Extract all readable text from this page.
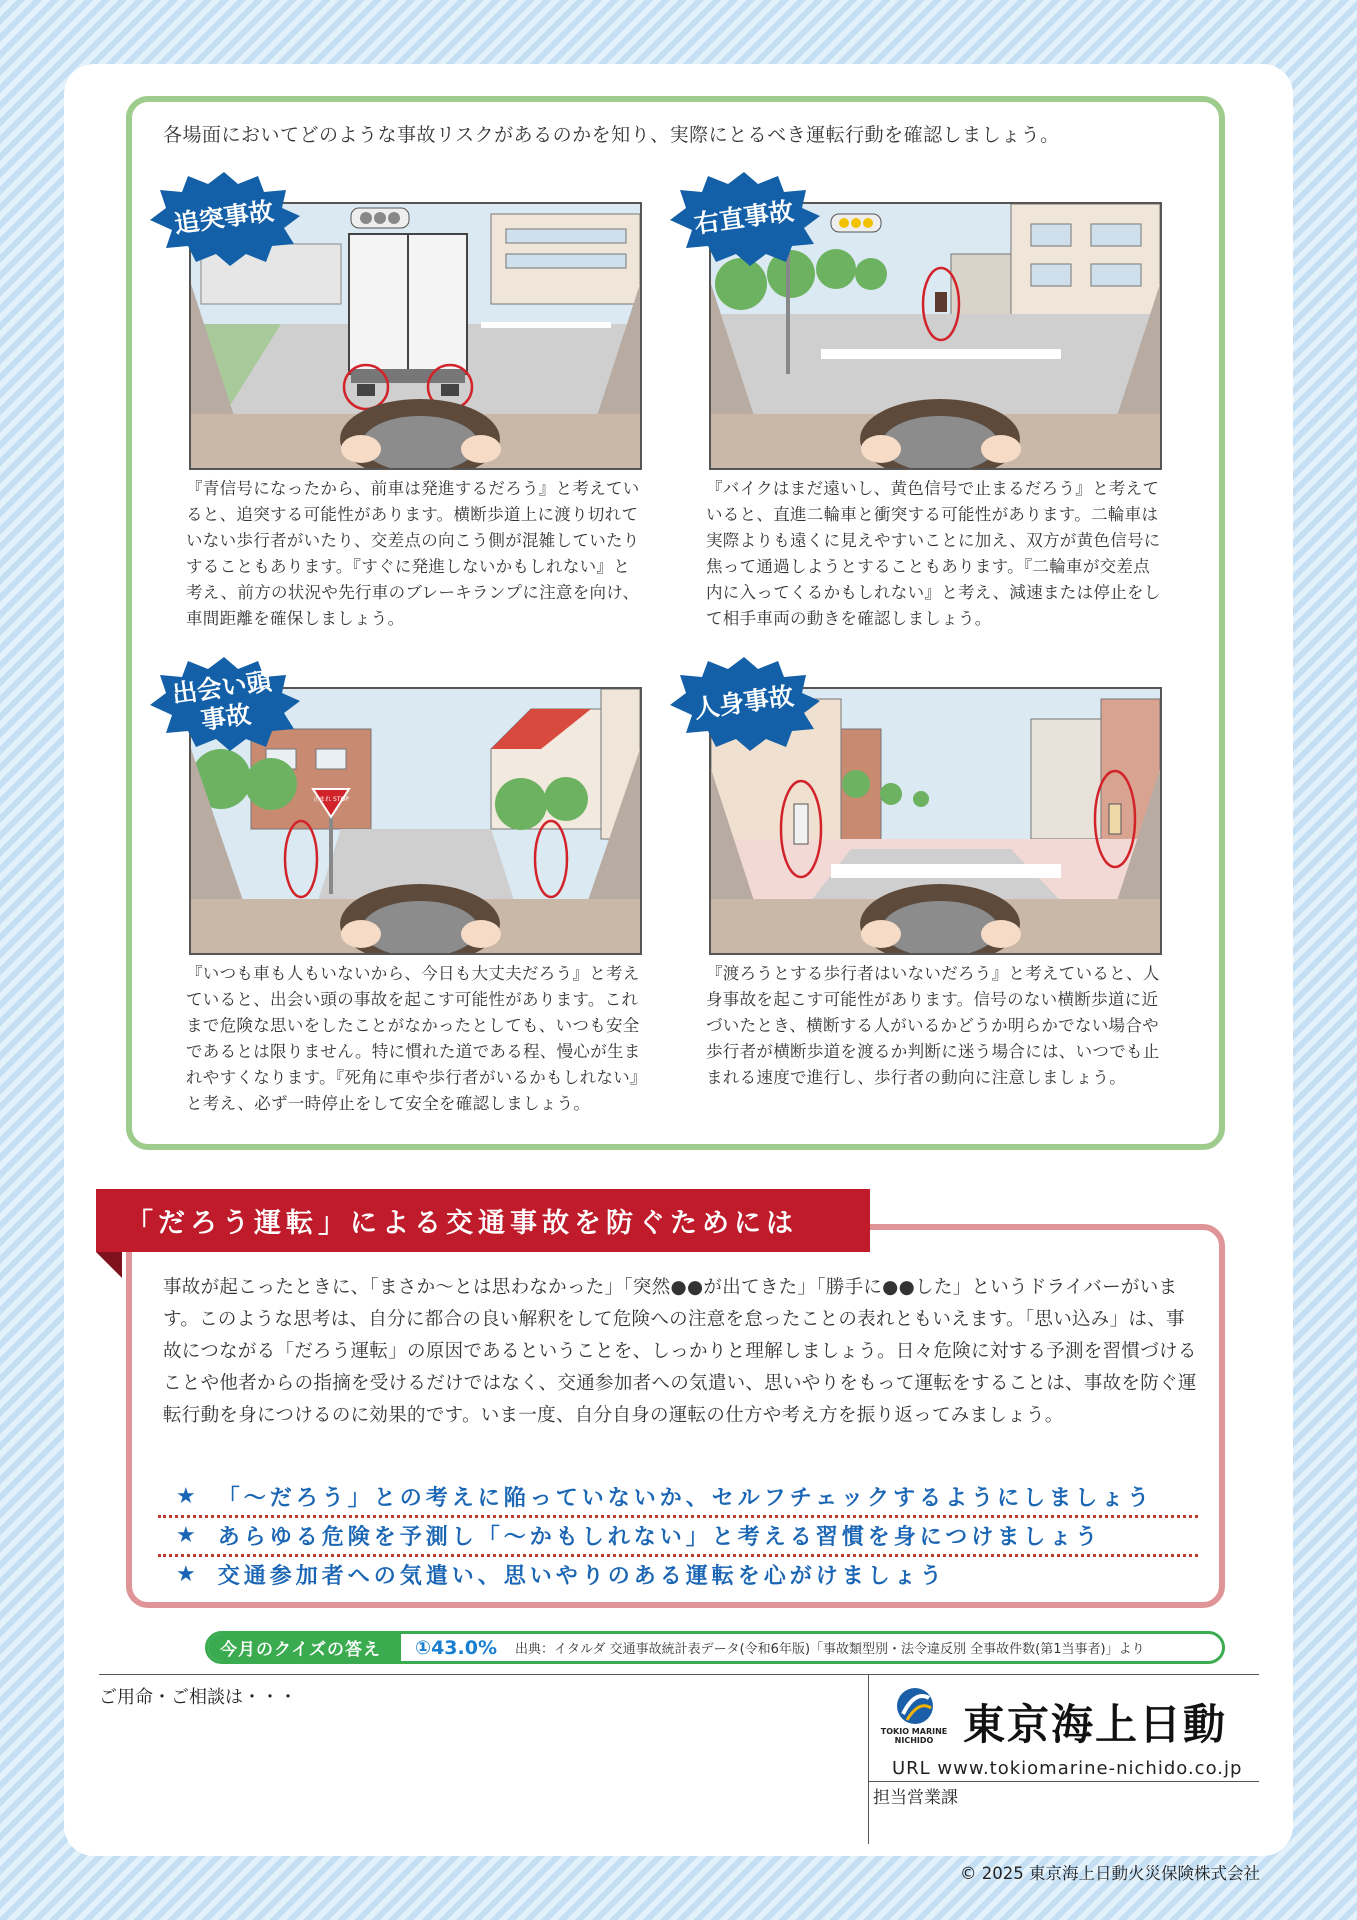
各場面においてどのような事故リスクがあるのかを知り、実際にとるべき運転行動を確認しましょう。
止まれ STOP
追突事故	右直事故
出会い頭
事故	人身事故
『青信号になったから、前車は発進するだろう』と考えていると、追突する可能性があります。横断歩道上に渡り切れていない歩行者がいたり、交差点の向こう側が混雑していたりすることもあります。『すぐに発進しないかもしれない』と考え、前方の状況や先行車のブレーキランプに注意を向け、車間距離を確保しましょう。
『バイクはまだ遠いし、黄色信号で止まるだろう』と考えていると、直進二輪車と衝突する可能性があります。二輪車は実際よりも遠くに見えやすいことに加え、双方が黄色信号に焦って通過しようとすることもあります。『二輪車が交差点内に入ってくるかもしれない』と考え、減速または停止をして相手車両の動きを確認しましょう。
『いつも車も人もいないから、今日も大丈夫だろう』と考えていると、出会い頭の事故を起こす可能性があります。これまで危険な思いをしたことがなかったとしても、いつも安全であるとは限りません。特に慣れた道である程、慢心が生まれやすくなります。『死角に車や歩行者がいるかもしれない』と考え、必ず一時停止をして安全を確認しましょう。
『渡ろうとする歩行者はいないだろう』と考えていると、人身事故を起こす可能性があります。信号のない横断歩道に近づいたとき、横断する人がいるかどうか明らかでない場合や歩行者が横断歩道を渡るか判断に迷う場合には、いつでも止まれる速度で進行し、歩行者の動向に注意しましょう。
「だろう運転」による交通事故を防ぐためには
事故が起こったときに、「まさか〜とは思わなかった」「突然●●が出てきた」「勝手に●●した」というドライバーがいます。このような思考は、自分に都合の良い解釈をして危険への注意を怠ったことの表れともいえます。「思い込み」は、事故につながる「だろう運転」の原因であるということを、しっかりと理解しましょう。日々危険に対する予測を習慣づけることや他者からの指摘を受けるだけではなく、交通参加者への気遣い、思いやりをもって運転をすることは、事故を防ぐ運転行動を身につけるのに効果的です。いま一度、自分自身の運転の仕方や考え方を振り返ってみましょう。
★ 「〜だろう」との考えに陥っていないか、セルフチェックするようにしましょう
★ あらゆる危険を予測し「〜かもしれない」と考える習慣を身につけましょう
★ 交通参加者への気遣い、思いやりのある運転を心がけましょう
今月のクイズの答え	①43.0%	出典：イタルダ 交通事故統計表データ(令和6年版)「事故類型別・法令違反別 全事故件数(第1当事者)」より
ご用命・ご相談は・・・
TOKIO MARINE NICHIDO 東京海上日動
URL www.tokiomarine-nichido.co.jp
担当営業課
© 2025 東京海上日動火災保険株式会社
